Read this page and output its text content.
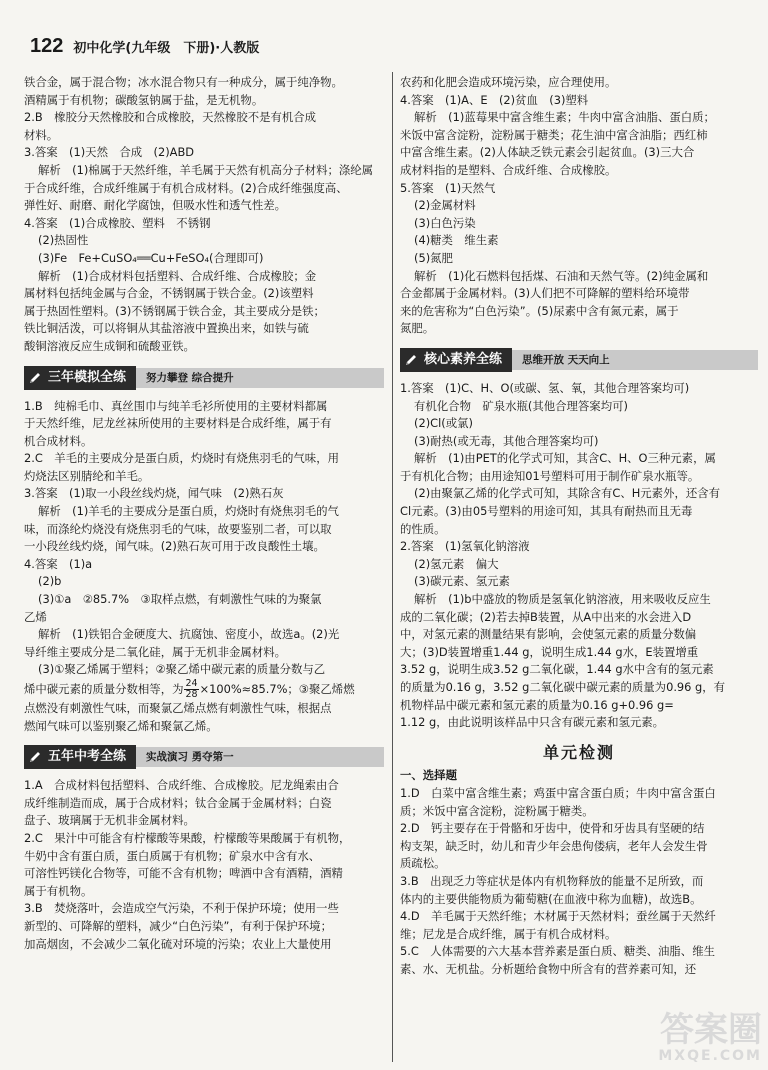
122 初中化学(九年级　下册)·人教版
铁合金，属于混合物；冰水混合物只有一种成分，属于纯净物。
酒精属于有机物；碳酸氢钠属于盐，是无机物。
2.B　橡胶分天然橡胶和合成橡胶，天然橡胶不是有机合成
材料。
3.答案　(1)天然　合成　(2)ABD
解析　(1)棉属于天然纤维，羊毛属于天然有机高分子材料；涤纶属
于合成纤维，合成纤维属于有机合成材料。(2)合成纤维强度高、
弹性好、耐磨、耐化学腐蚀，但吸水性和透气性差。
4.答案　(1)合成橡胶、塑料　不锈钢
(2)热固性
(3)Fe　Fe+CuSO₄══Cu+FeSO₄(合理即可)
解析　(1)合成材料包括塑料、合成纤维、合成橡胶；金
属材料包括纯金属与合金，不锈钢属于铁合金。(2)该塑料
属于热固性塑料。(3)不锈钢属于铁合金，其主要成分是铁；
铁比铜活泼，可以将铜从其盐溶液中置换出来，如铁与硫
酸铜溶液反应生成铜和硫酸亚铁。
三年模拟全练	努力攀登 综合提升
1.B　纯棉毛巾、真丝围巾与纯羊毛衫所使用的主要材料都属
于天然纤维，尼龙丝袜所使用的主要材料是合成纤维，属于有
机合成材料。
2.C　羊毛的主要成分是蛋白质，灼烧时有烧焦羽毛的气味，用
灼烧法区别腈纶和羊毛。
3.答案　(1)取一小段丝线灼烧，闻气味　(2)熟石灰
解析　(1)羊毛的主要成分是蛋白质，灼烧时有烧焦羽毛的气
味，而涤纶灼烧没有烧焦羽毛的气味，故要鉴别二者，可以取
一小段丝线灼烧，闻气味。(2)熟石灰可用于改良酸性土壤。
4.答案　(1)a
(2)b
(3)①a　②85.7%　③取样点燃，有刺激性气味的为聚氯
乙烯
解析　(1)铁铝合金硬度大、抗腐蚀、密度小，故选a。(2)光
导纤维主要成分是二氧化硅，属于无机非金属材料。
(3)①聚乙烯属于塑料；②聚乙烯中碳元素的质量分数与乙
烯中碳元素的质量分数相等，为 $\frac{24}{28} \times 100\%\approx 85.7\%$；③聚乙烯燃
点燃没有刺激性气味，而聚氯乙烯点燃有刺激性气味，根据点
燃闻气味可以鉴别聚乙烯和聚氯乙烯。
五年中考全练	实战演习 勇夺第一
1.A　合成材料包括塑料、合成纤维、合成橡胶。尼龙绳索由合
成纤维制造而成，属于合成材料；钛合金属于金属材料；白瓷
盘子、玻璃属于无机非金属材料。
2.C　果汁中可能含有柠檬酸等果酸，柠檬酸等果酸属于有机物，
牛奶中含有蛋白质，蛋白质属于有机物；矿泉水中含有水、
可溶性钙镁化合物等，可能不含有机物；啤酒中含有酒精，酒精
属于有机物。
3.B　焚烧落叶，会造成空气污染，不利于保护环境；使用一些
新型的、可降解的塑料，减少“白色污染”，有利于保护环境；
加高烟囱，不会减少二氧化硫对环境的污染；农业上大量使用
农药和化肥会造成环境污染，应合理使用。
4.答案　(1)A、E　(2)贫血　(3)塑料
解析　(1)蓝莓果中富含维生素；牛肉中富含油脂、蛋白质；
米饭中富含淀粉，淀粉属于糖类；花生油中富含油脂；西红柿
中富含维生素。(2)人体缺乏铁元素会引起贫血。(3)三大合
成材料指的是塑料、合成纤维、合成橡胶。
5.答案　(1)天然气
(2)金属材料
(3)白色污染
(4)糖类　维生素
(5)氮肥
解析　(1)化石燃料包括煤、石油和天然气等。(2)纯金属和
合金都属于金属材料。(3)人们把不可降解的塑料给环境带
来的危害称为“白色污染”。(5)尿素中含有氮元素，属于
氮肥。
核心素养全练	思维开放 天天向上
1.答案　(1)C、H、O(或碳、氢、氧，其他合理答案均可)
有机化合物　矿泉水瓶(其他合理答案均可)
(2)Cl(或氯)
(3)耐热(或无毒，其他合理答案均可)
解析　(1)由PET的化学式可知，其含C、H、O三种元素，属
于有机化合物；由用途知01号塑料可用于制作矿泉水瓶等。
(2)由聚氯乙烯的化学式可知，其除含有C、H元素外，还含有
Cl元素。(3)由05号塑料的用途可知，其具有耐热而且无毒
的性质。
2.答案　(1)氢氧化钠溶液
(2)氢元素　偏大
(3)碳元素、氢元素
解析　(1)b中盛放的物质是氢氧化钠溶液，用来吸收反应生
成的二氧化碳；(2)若去掉B装置，从A中出来的水会进入D
中，对氢元素的测量结果有影响，会使氢元素的质量分数偏
大；(3)D装置增重1.44 g，说明生成1.44 g水，E装置增重
3.52 g，说明生成3.52 g二氧化碳，1.44 g水中含有的氢元素
的质量为0.16 g，3.52 g二氧化碳中碳元素的质量为0.96 g，有
机物样品中碳元素和氢元素的质量为0.16 g+0.96 g=
1.12 g，由此说明该样品中只含有碳元素和氢元素。
单元检测
一、选择题
1.D　白菜中富含维生素；鸡蛋中富含蛋白质；牛肉中富含蛋白
质；米饭中富含淀粉，淀粉属于糖类。
2.D　钙主要存在于骨骼和牙齿中，使骨和牙齿具有坚硬的结
构支架，缺乏时，幼儿和青少年会患佝偻病，老年人会发生骨
质疏松。
3.B　出现乏力等症状是体内有机物释放的能量不足所致，而
体内的主要供能物质为葡萄糖(在血液中称为血糖)，故选B。
4.D　羊毛属于天然纤维；木材属于天然材料；蚕丝属于天然纤
维；尼龙是合成纤维，属于有机合成材料。
5.C　人体需要的六大基本营养素是蛋白质、糖类、油脂、维生
素、水、无机盐。分析题给食物中所含有的营养素可知，还
答案圈
MXQE.COM
